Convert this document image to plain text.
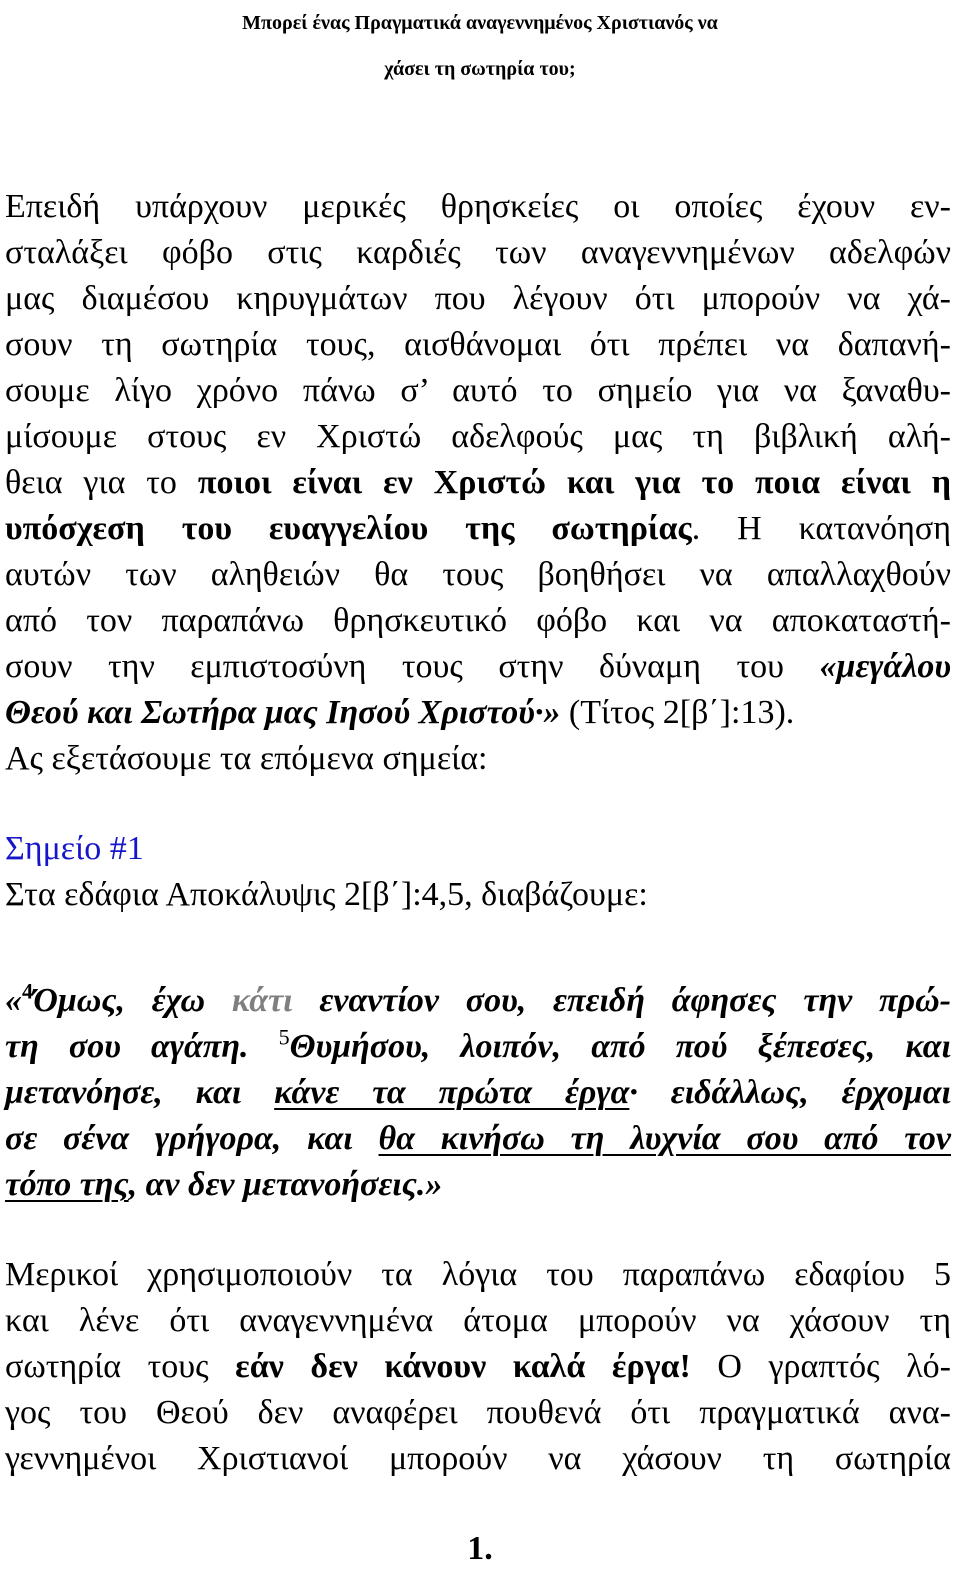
Μπορεί ένας Πραγματικά αναγεννημένος Χριστιανός να
χάσει τη σωτηρία του;
Επειδή υπάρχουν μερικές θρησκείες οι οποίες έχουν εν-
σταλάξει φόβο στις καρδιές των αναγεννημένων αδελφών
μας διαμέσου κηρυγμάτων που λέγουν ότι μπορούν να χά-
σουν τη σωτηρία τους, αισθάνομαι ότι πρέπει να δαπανή-
σουμε λίγο χρόνο πάνω σ’ αυτό το σημείο για να ξαναθυ-
μίσουμε στους εν Χριστώ αδελφούς μας τη βιβλική αλή-
θεια για το ποιοι είναι εν Χριστώ και για το ποια είναι η
υπόσχεση του ευαγγελίου της σωτηρίας. Η κατανόηση
αυτών των αληθειών θα τους βοηθήσει να απαλλαχθούν
από τον παραπάνω θρησκευτικό φόβο και να αποκαταστή-
σουν την εμπιστοσύνη τους στην δύναμη του «μεγάλου
Θεού και Σωτήρα μας Ιησού Χριστού·» (Τίτος 2[β΄]:13).
Ας εξετάσουμε τα επόμενα σημεία:
Σημείο #1
Στα εδάφια Αποκάλυψις 2[β΄]:4,5, διαβάζουμε:
«$^4$Όμως, έχω κάτι εναντίον σου, επειδή άφησες την πρώ-
τη σου αγάπη. $^5$Θυμήσου, λοιπόν, από πού ξέπεσες, και
μετανόησε, και κάνε τα πρώτα έργα· ειδάλλως, έρχομαι
σε σένα γρήγορα, και θα κινήσω τη λυχνία σου από τον
τόπο της, αν δεν μετανοήσεις.»
Μερικοί χρησιμοποιούν τα λόγια του παραπάνω εδαφίου 5
και λένε ότι αναγεννημένα άτομα μπορούν να χάσουν τη
σωτηρία τους εάν δεν κάνουν καλά έργα! Ο γραπτός λό-
γος του Θεού δεν αναφέρει πουθενά ότι πραγματικά ανα-
γεννημένοι Χριστιανοί μπορούν να χάσουν τη σωτηρία
1.
